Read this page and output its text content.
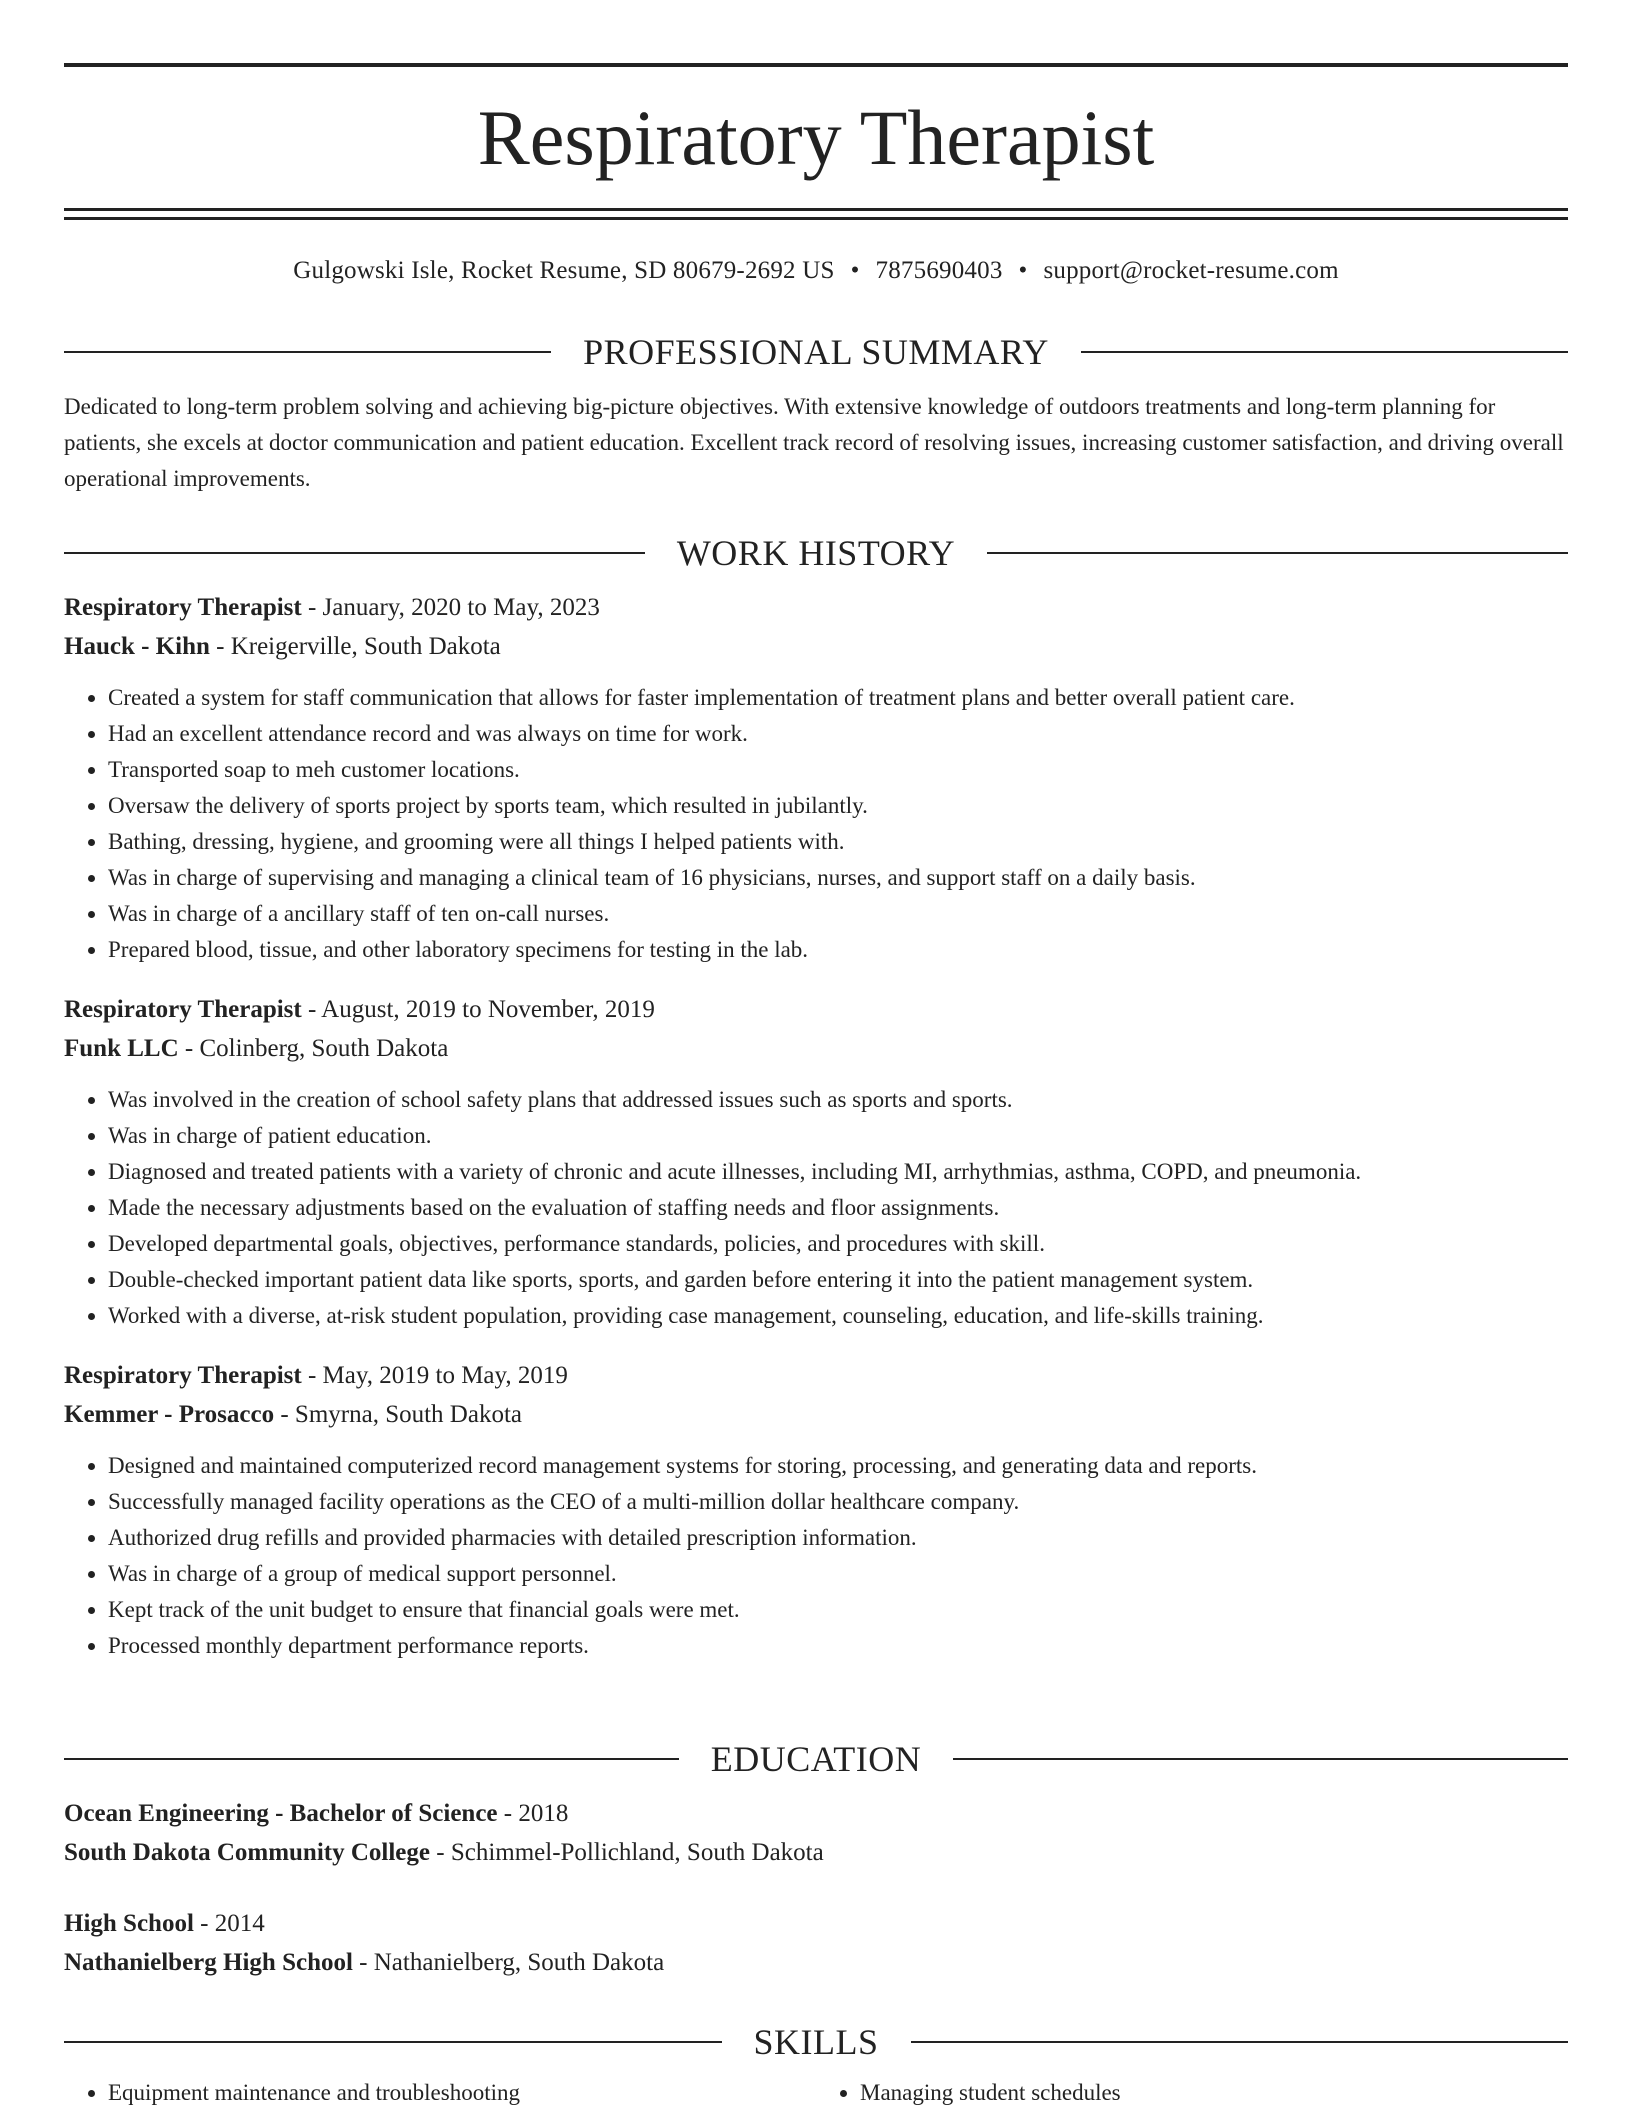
Respiratory Therapist
Gulgowski Isle, Rocket Resume, SD 80679-2692 US • 7875690403 • support@rocket-resume.com
PROFESSIONAL SUMMARY

Dedicated to long-term problem solving and achieving big-picture objectives. With extensive knowledge of outdoors treatments and long-term planning for patients, she excels at doctor communication and patient education. Excellent track record of resolving issues, increasing customer satisfaction, and driving overall operational improvements.

WORK HISTORY
Respiratory Therapist - January, 2020 to May, 2023
Hauck - Kihn - Kreigerville, South Dakota
• Created a system for staff communication that allows for faster implementation of treatment plans and better overall patient care.
• Had an excellent attendance record and was always on time for work.
• Transported soap to meh customer locations.
• Oversaw the delivery of sports project by sports team, which resulted in jubilantly.
• Bathing, dressing, hygiene, and grooming were all things I helped patients with.
• Was in charge of supervising and managing a clinical team of 16 physicians, nurses, and support staff on a daily basis.
• Was in charge of a ancillary staff of ten on-call nurses.
• Prepared blood, tissue, and other laboratory specimens for testing in the lab.
Respiratory Therapist - August, 2019 to November, 2019
Funk LLC - Colinberg, South Dakota
• Was involved in the creation of school safety plans that addressed issues such as sports and sports.
• Was in charge of patient education.
• Diagnosed and treated patients with a variety of chronic and acute illnesses, including MI, arrhythmias, asthma, COPD, and pneumonia.
• Made the necessary adjustments based on the evaluation of staffing needs and floor assignments.
• Developed departmental goals, objectives, performance standards, policies, and procedures with skill.
• Double-checked important patient data like sports, sports, and garden before entering it into the patient management system.
• Worked with a diverse, at-risk student population, providing case management, counseling, education, and life-skills training.
Respiratory Therapist - May, 2019 to May, 2019
Kemmer - Prosacco - Smyrna, South Dakota
• Designed and maintained computerized record management systems for storing, processing, and generating data and reports.
• Successfully managed facility operations as the CEO of a multi-million dollar healthcare company.
• Authorized drug refills and provided pharmacies with detailed prescription information.
• Was in charge of a group of medical support personnel.
• Kept track of the unit budget to ensure that financial goals were met.
• Processed monthly department performance reports.
EDUCATION
Ocean Engineering - Bachelor of Science - 2018
South Dakota Community College - Schimmel-Pollichland, South Dakota
High School - 2014
Nathanielberg High School - Nathanielberg, South Dakota
SKILLS
• Equipment maintenance and troubleshooting
•	Managing student schedules
